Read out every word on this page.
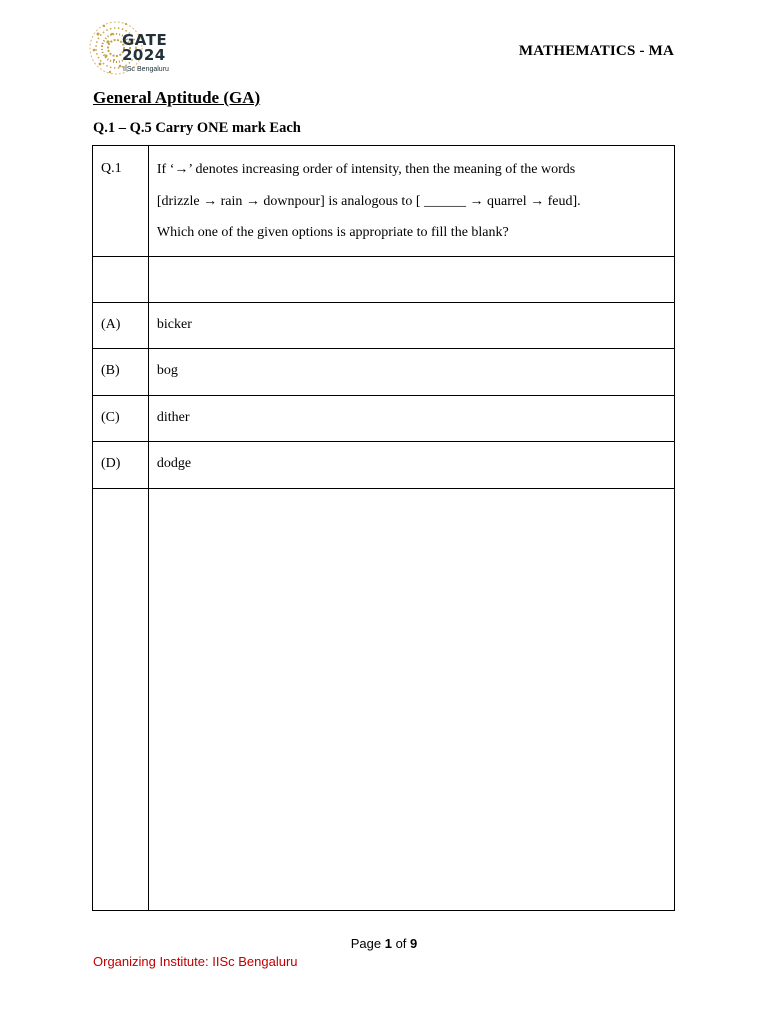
GATE
2024
IISc Bengaluru
MATHEMATICS - MA
General Aptitude (GA)
Q.1 – Q.5 Carry ONE mark Each
Q.1	If ‘→’ denotes increasing order of intensity, then the meaning of the words
[drizzle → rain → downpour] is analogous to [ ______ → quarrel → feud].
Which one of the given options is appropriate to fill the blank?

(A)	bicker

(B)	bog

(C)	dither

(D)	dodge

Page 1 of 9
Organizing Institute: IISc Bengaluru
